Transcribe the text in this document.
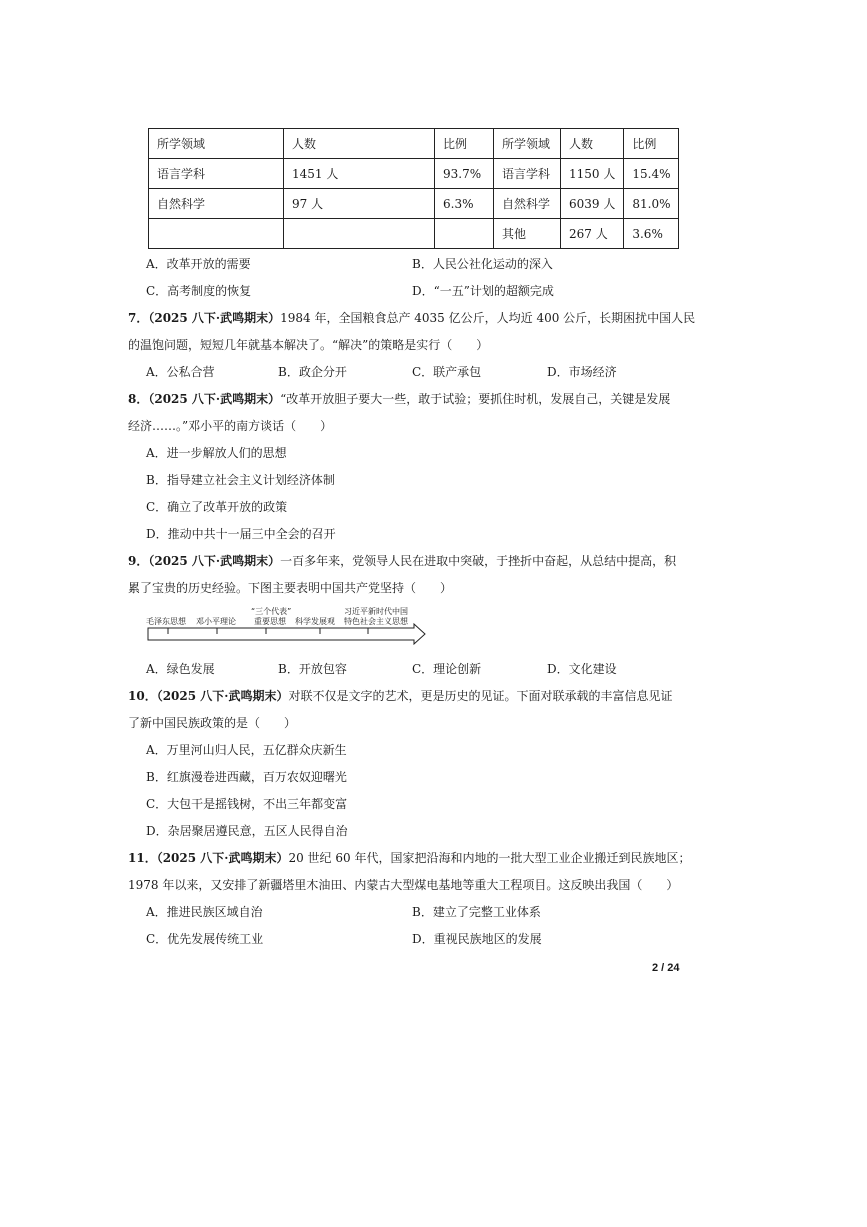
所学领域	人数	比例	所学领域	人数	比例
语言学科	1451 人	93.7%	语言学科	1150 人	15.4%
自然科学	97 人	6.3%	自然科学	6039 人	81.0%
			其他	267 人	3.6%
A．改革开放的需要	B．人民公社化运动的深入
C．高考制度的恢复	D．“一五”计划的超额完成
7．（2025 八下·武鸣期末）1984 年，全国粮食总产 4035 亿公斤，人均近 400 公斤，长期困扰中国人民
的温饱问题，短短几年就基本解决了。“解决”的策略是实行（　　）
A．公私合营	B．政企分开	C．联产承包	D．市场经济
8．（2025 八下·武鸣期末）“改革开放胆子要大一些，敢于试验；要抓住时机，发展自己，关键是发展
经济……。”邓小平的南方谈话（　　）
A．进一步解放人们的思想
B．指导建立社会主义计划经济体制
C．确立了改革开放的政策
D．推动中共十一届三中全会的召开
9．（2025 八下·武鸣期末）一百多年来，党领导人民在进取中突破，于挫折中奋起，从总结中提高，积
累了宝贵的历史经验。下图主要表明中国共产党坚持（　　）
毛泽东思想 邓小平理论
“三个代表”
重要思想 科学发展观
习近平新时代中国
特色社会主义思想
A．绿色发展	B．开放包容	C．理论创新	D．文化建设
10．（2025 八下·武鸣期末）对联不仅是文字的艺术，更是历史的见证。下面对联承载的丰富信息见证
了新中国民族政策的是（　　）
A．万里河山归人民，五亿群众庆新生
B．红旗漫卷进西藏，百万农奴迎曙光
C．大包干是摇钱树，不出三年都变富
D．杂居聚居遵民意，五区人民得自治
11．（2025 八下·武鸣期末）20 世纪 60 年代，国家把沿海和内地的一批大型工业企业搬迁到民族地区；
1978 年以来，又安排了新疆塔里木油田、内蒙古大型煤电基地等重大工程项目。这反映出我国（　　）
A．推进民族区域自治	B．建立了完整工业体系
C．优先发展传统工业	D．重视民族地区的发展
2 / 24
